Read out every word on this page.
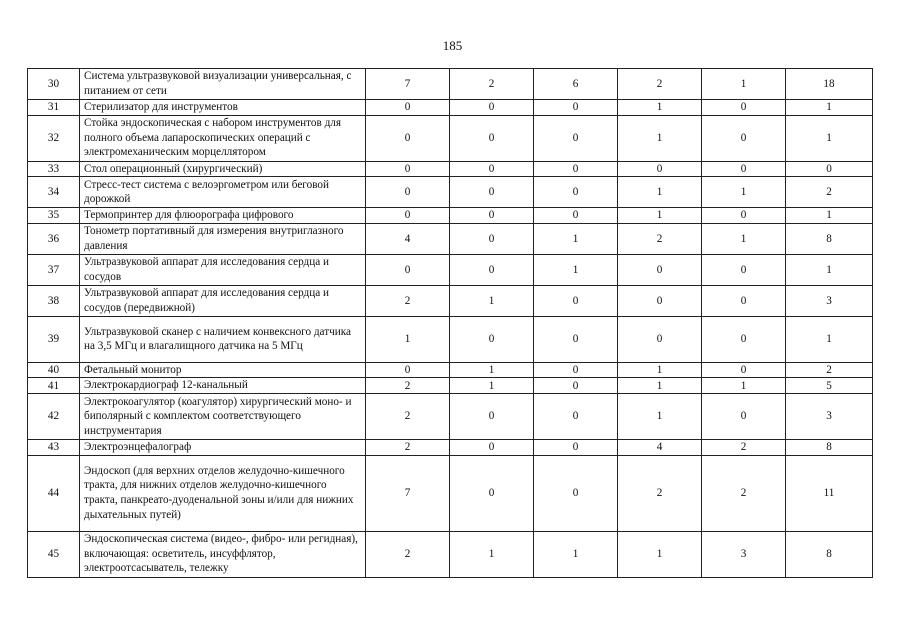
185
30	Система ультразвуковой визуализации универсальная, с питанием от сети	7	2	6	2	1	18
31	Стерилизатор для инструментов	0	0	0	1	0	1
32	Стойка эндоскопическая с набором инструментов для полного объема лапароскопических операций с электромеханическим морцеллятором	0	0	0	1	0	1
33	Стол операционный (хирургический)	0	0	0	0	0	0
34	Стресс-тест система с велоэргометром или беговой дорожкой	0	0	0	1	1	2
35	Термопринтер для флюорографа цифрового	0	0	0	1	0	1
36	Тонометр портативный для измерения внутриглазного давления	4	0	1	2	1	8
37	Ультразвуковой аппарат для исследования сердца и сосудов	0	0	1	0	0	1
38	Ультразвуковой аппарат для исследования сердца и сосудов (передвижной)	2	1	0	0	0	3
39	Ультразвуковой сканер с наличием конвексного датчика на 3,5 МГц и влагалищного датчика на 5 МГц	1	0	0	0	0	1
40	Фетальный монитор	0	1	0	1	0	2
41	Электрокардиограф 12-канальный	2	1	0	1	1	5
42	Электрокоагулятор (коагулятор) хирургический моно- и биполярный с комплектом соответствующего инструментария	2	0	0	1	0	3
43	Электроэнцефалограф	2	0	0	4	2	8
44	Эндоскоп (для верхних отделов желудочно-кишечного тракта, для нижних отделов желудочно-кишечного тракта, панкреато-дуоденальной зоны и/или для нижних дыхательных путей)	7	0	0	2	2	11
45	Эндоскопическая система (видео-, фибро- или регидная), включающая: осветитель, инсуффлятор, электроотсасыватель, тележку	2	1	1	1	3	8
